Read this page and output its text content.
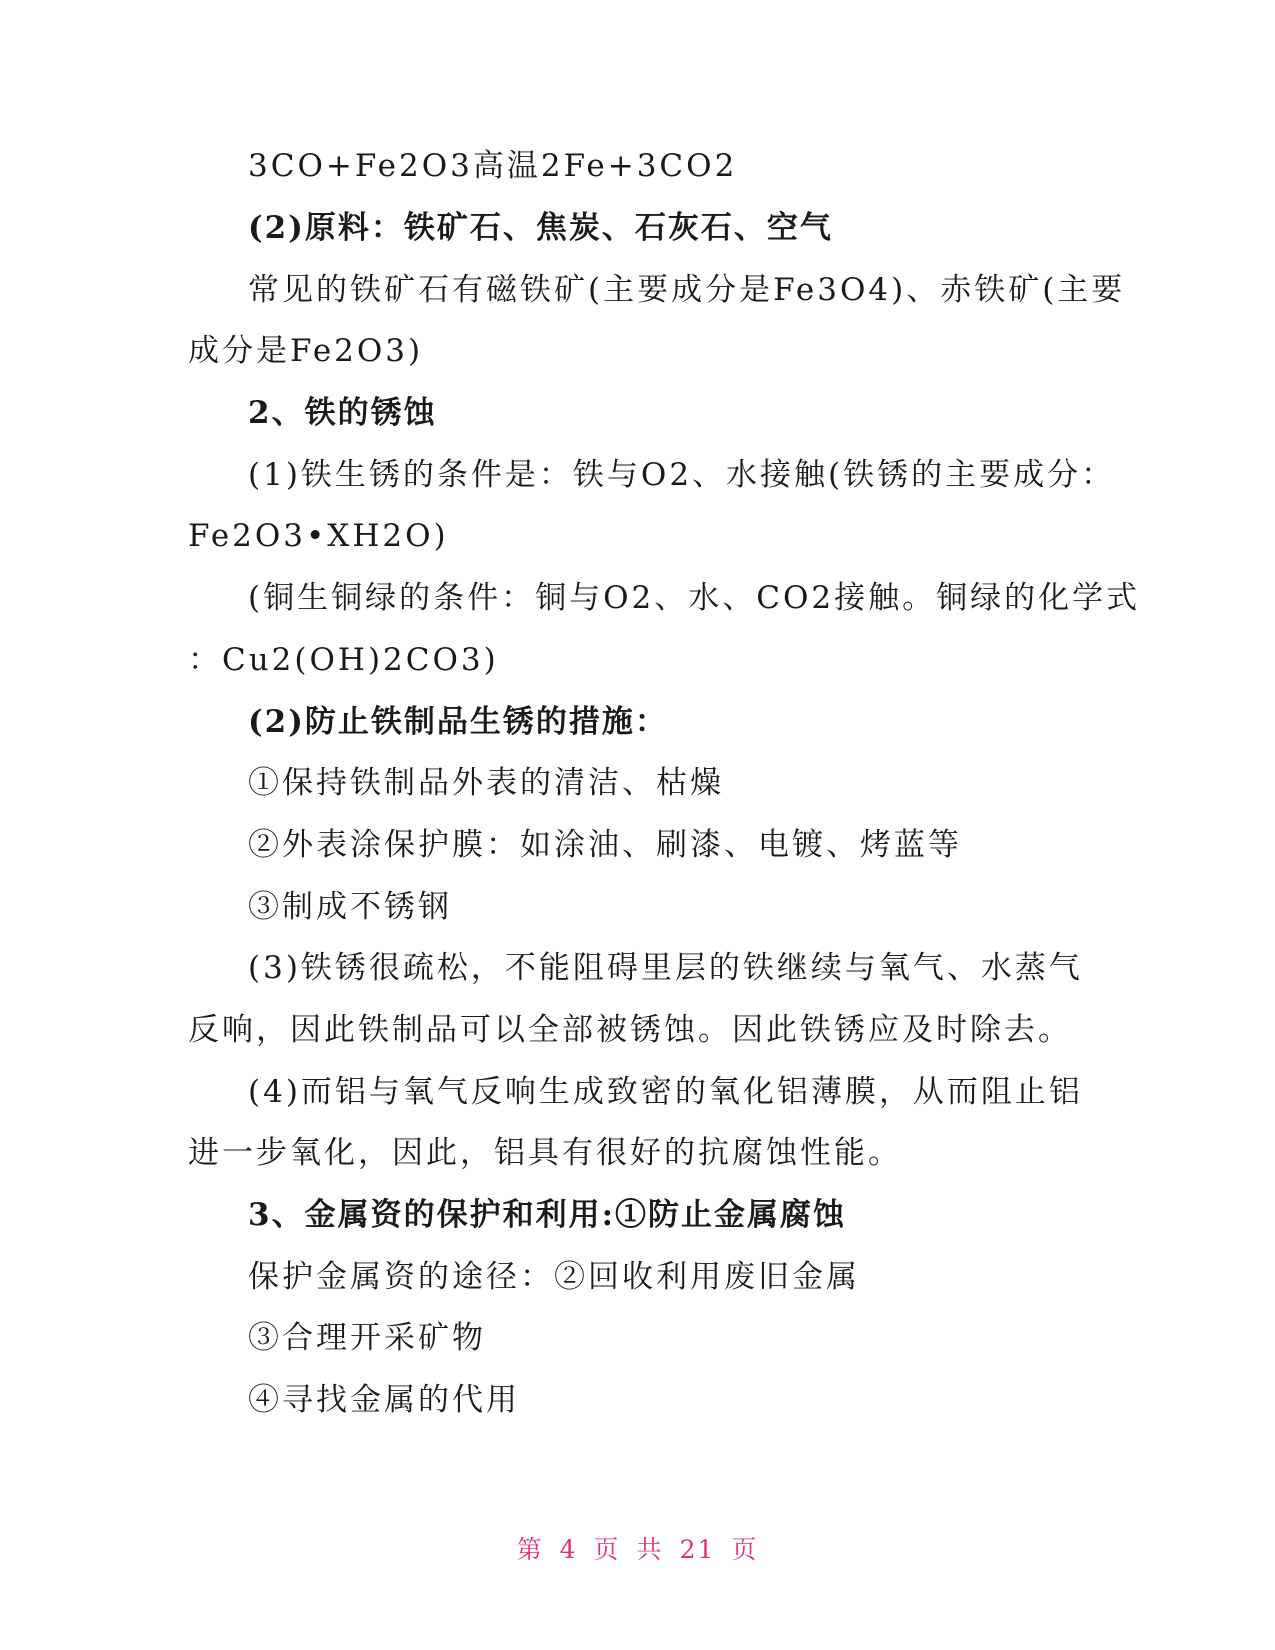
3CO+Fe2O3高温2Fe+3CO2
(2)原料：铁矿石、焦炭、石灰石、空气
常见的铁矿石有磁铁矿(主要成分是Fe3O4)、赤铁矿(主要
成分是Fe2O3)
2、铁的锈蚀
(1)铁生锈的条件是：铁与O2、水接触(铁锈的主要成分：
Fe2O3•XH2O)
(铜生铜绿的条件：铜与O2、水、CO2接触。铜绿的化学式
：Cu2(OH)2CO3)
(2)防止铁制品生锈的措施：
①保持铁制品外表的清洁、枯燥
②外表涂保护膜：如涂油、刷漆、电镀、烤蓝等
③制成不锈钢
(3)铁锈很疏松，不能阻碍里层的铁继续与氧气、水蒸气
反响，因此铁制品可以全部被锈蚀。因此铁锈应及时除去。
(4)而铝与氧气反响生成致密的氧化铝薄膜，从而阻止铝
进一步氧化，因此，铝具有很好的抗腐蚀性能。
3、金属资的保护和利用:①防止金属腐蚀
保护金属资的途径：②回收利用废旧金属
③合理开采矿物
④寻找金属的代用
第 4 页 共 21 页
